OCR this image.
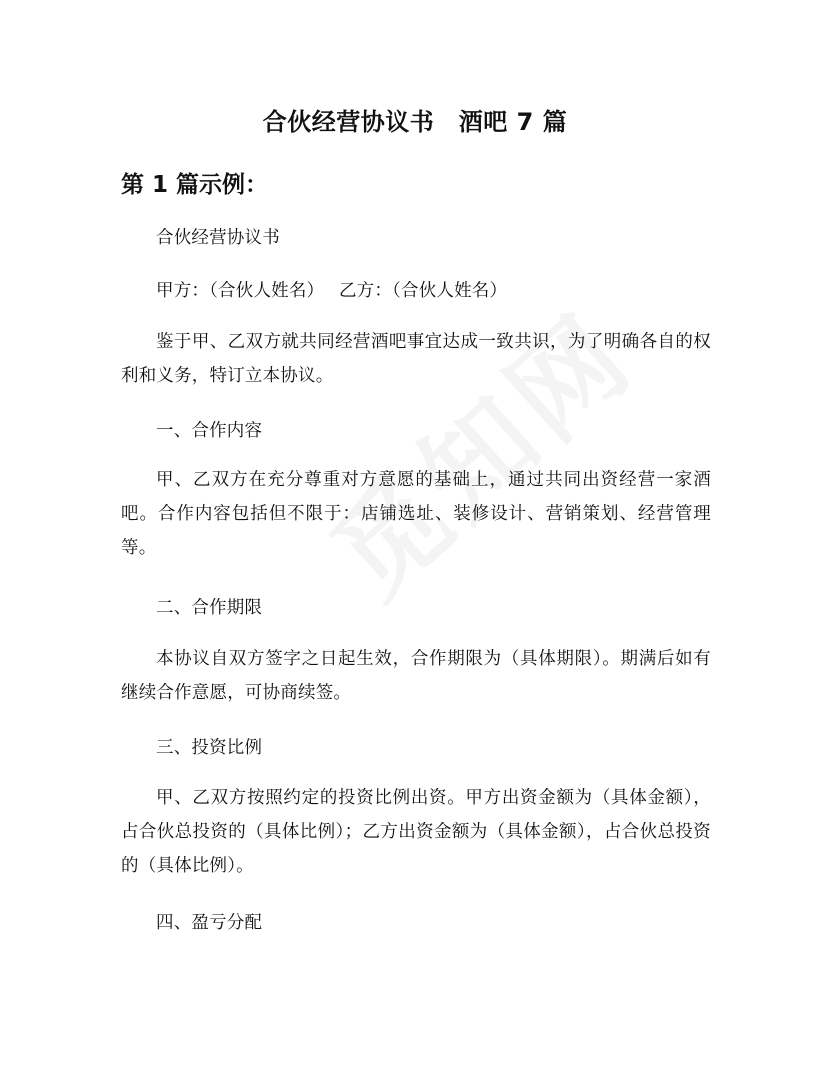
合伙经营协议书　酒吧 7 篇
第 1 篇示例：

合伙经营协议书

甲方：（合伙人姓名）　 乙方：（合伙人姓名）

鉴于甲、乙双方就共同经营酒吧事宜达成一致共识，为了明确各自的权利和义务，特订立本协议。

一、合作内容

甲、乙双方在充分尊重对方意愿的基础上，通过共同出资经营一家酒吧。合作内容包括但不限于：店铺选址、装修设计、营销策划、经营管理等。

二、合作期限

本协议自双方签字之日起生效，合作期限为（具体期限）。期满后如有继续合作意愿，可协商续签。

三、投资比例

甲、乙双方按照约定的投资比例出资。甲方出资金额为（具体金额），占合伙总投资的（具体比例）；乙方出资金额为（具体金额），占合伙总投资的（具体比例）。

四、盈亏分配
